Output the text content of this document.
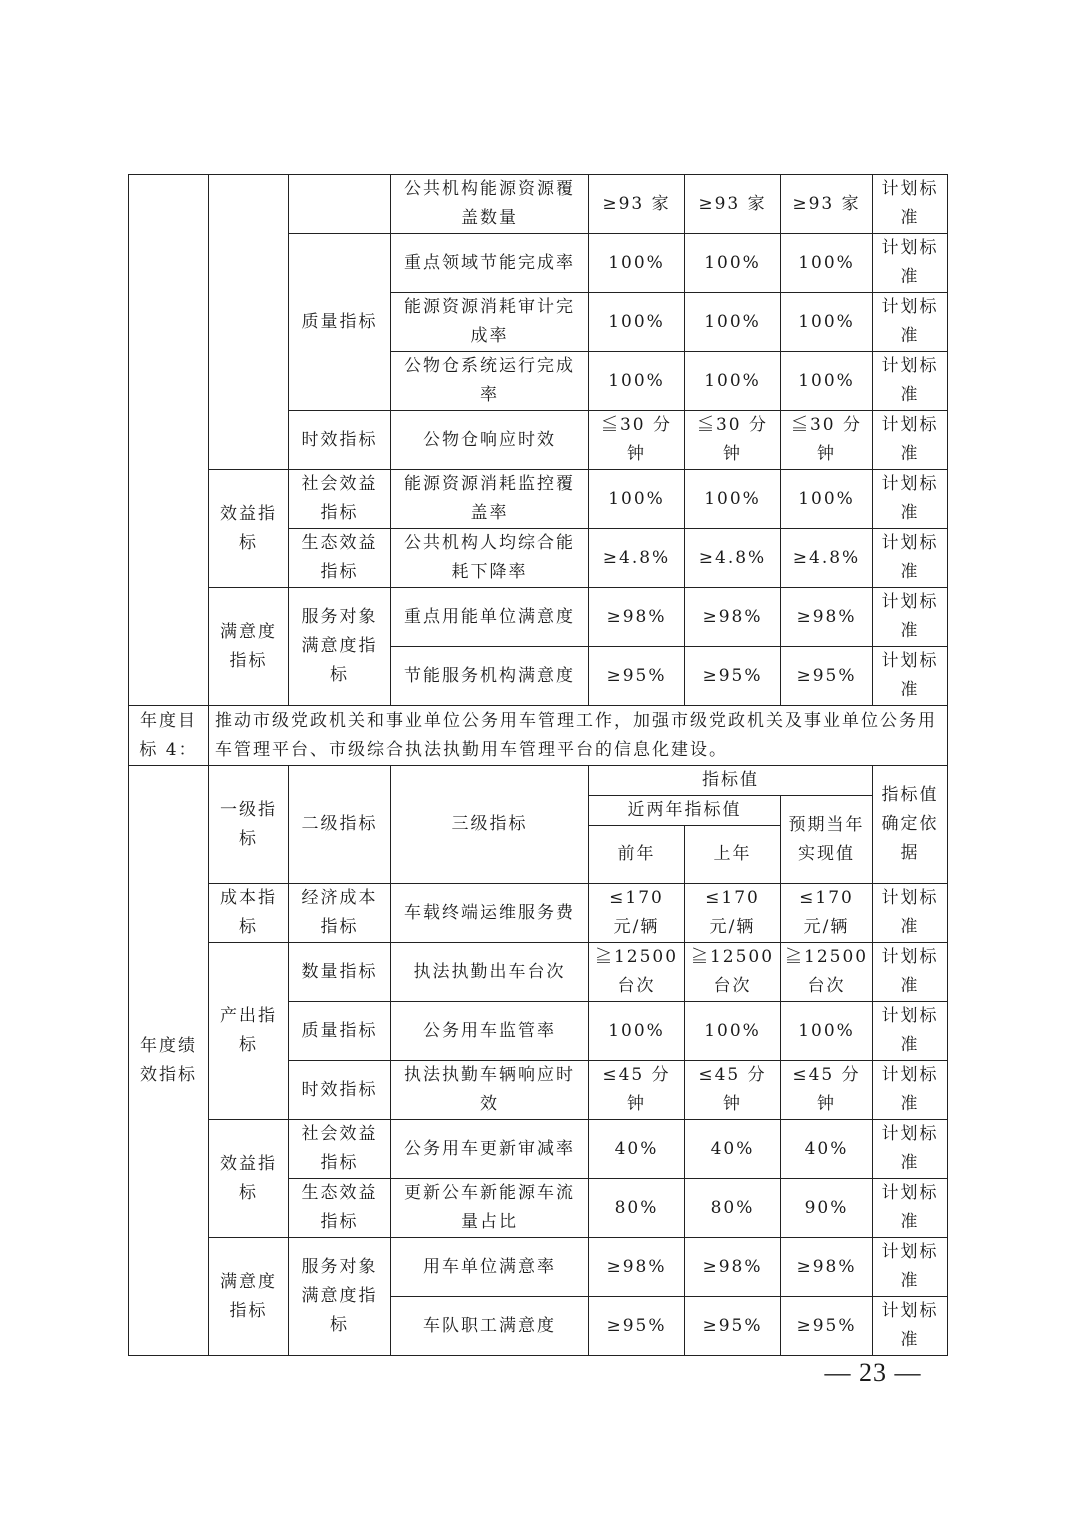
			公共机构能源资源覆盖数量	≥93 家	≥93 家	≥93 家	计划标准
		质量指标	重点领域节能完成率	100%	100%	100%	计划标准
			能源资源消耗审计完成率	100%	100%	100%	计划标准
			公物仓系统运行完成率	100%	100%	100%	计划标准
		时效指标	公物仓响应时效	≦30 分钟	≦30 分钟	≦30 分钟	计划标准
	效益指标	社会效益指标	能源资源消耗监控覆盖率	100%	100%	100%	计划标准
		生态效益指标	公共机构人均综合能耗下降率	≥4.8%	≥4.8%	≥4.8%	计划标准
	满意度指标	服务对象满意度指标	重点用能单位满意度	≥98%	≥98%	≥98%	计划标准
			节能服务机构满意度	≥95%	≥95%	≥95%	计划标准
年度目标 4：	推动市级党政机关和事业单位公务用车管理工作，加强市级党政机关及事业单位公务用车管理平台、市级综合执法执勤用车管理平台的信息化建设。						
年度绩效指标	一级指标	二级指标	三级指标	指标值			指标值确定依据
				近两年指标值		预期当年实现值	
				前年	上年		
	成本指标	经济成本指标	车载终端运维服务费	≤170 元/辆	≤170 元/辆	≤170 元/辆	计划标准
	产出指标	数量指标	执法执勤出车台次	≧12500 台次	≧12500 台次	≧12500 台次	计划标准
		质量指标	公务用车监管率	100%	100%	100%	计划标准
		时效指标	执法执勤车辆响应时效	≤45 分钟	≤45 分钟	≤45 分钟	计划标准
	效益指标	社会效益指标	公务用车更新审减率	40%	40%	40%	计划标准
		生态效益指标	更新公车新能源车流量占比	80%	80%	90%	计划标准
	满意度指标	服务对象满意度指标	用车单位满意率	≥98%	≥98%	≥98%	计划标准
			车队职工满意度	≥95%	≥95%	≥95%	计划标准
— 23 —
